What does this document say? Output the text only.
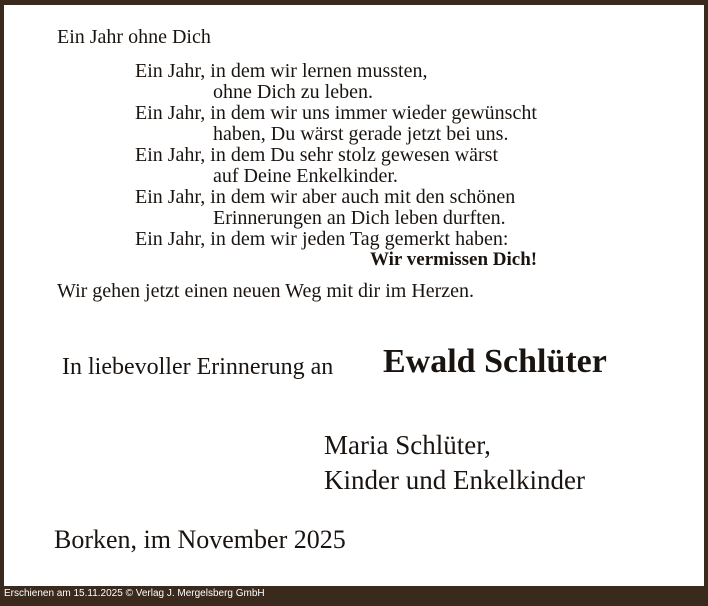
Ein Jahr ohne Dich
Ein Jahr, in dem wir lernen mussten,
ohne Dich zu leben.
Ein Jahr, in dem wir uns immer wieder gewünscht
haben, Du wärst gerade jetzt bei uns.
Ein Jahr, in dem Du sehr stolz gewesen wärst
auf Deine Enkelkinder.
Ein Jahr, in dem wir aber auch mit den schönen
Erinnerungen an Dich leben durften.
Ein Jahr, in dem wir jeden Tag gemerkt haben:
Wir vermissen Dich!
Wir gehen jetzt einen neuen Weg mit dir im Herzen.
In liebevoller Erinnerung an Ewald Schlüter
Maria Schlüter,
Kinder und Enkelkinder
Borken, im November 2025
Erschienen am 15.11.2025 © Verlag J. Mergelsberg GmbH
